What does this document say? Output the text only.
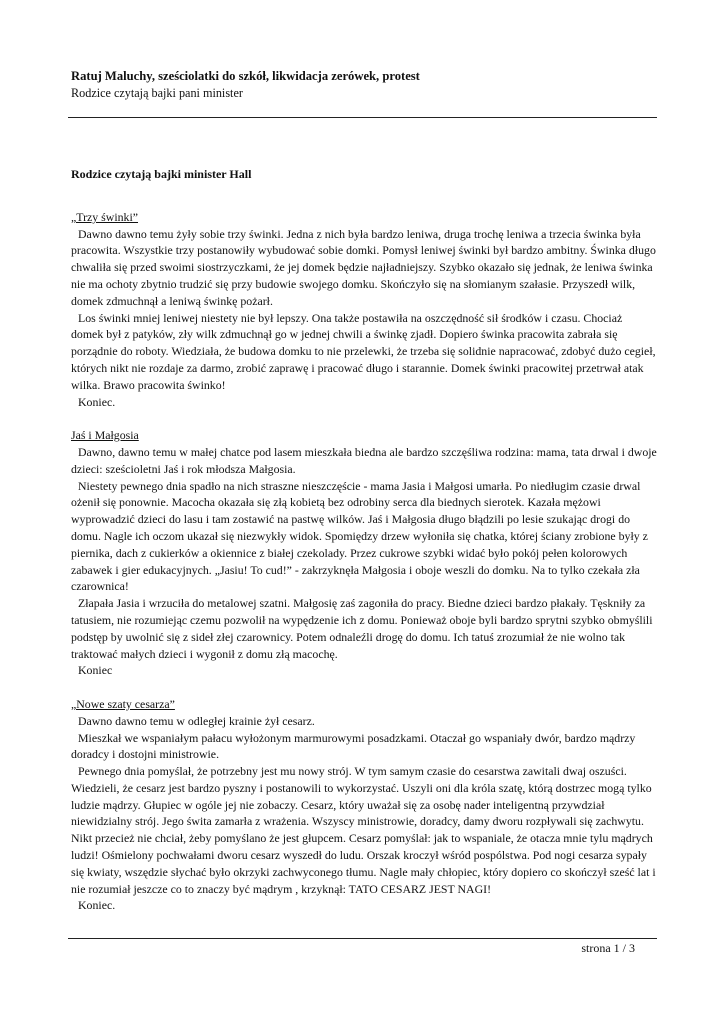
Ratuj Maluchy, sześciolatki do szkół, likwidacja zerówek, protest
Rodzice czytają bajki pani minister
Rodzice czytają bajki minister Hall
„Trzy świnki”
Dawno dawno temu żyły sobie trzy świnki. Jedna z nich była bardzo leniwa, druga trochę leniwa a trzecia świnka była pracowita. Wszystkie trzy postanowiły wybudować sobie domki. Pomysł leniwej świnki był bardzo ambitny. Świnka długo chwaliła się przed swoimi siostrzyczkami, że jej domek będzie najładniejszy. Szybko okazało się jednak, że leniwa świnka nie ma ochoty zbytnio trudzić się przy budowie swojego domku. Skończyło się na słomianym szałasie. Przyszedł wilk, domek zdmuchnął a leniwą świnkę pożarł.
Los świnki mniej leniwej niestety nie był lepszy. Ona także postawiła na oszczędność sił środków i czasu. Chociaż domek był z patyków, zły wilk zdmuchnął go w jednej chwili a świnkę zjadł. Dopiero świnka pracowita zabrała się porządnie do roboty. Wiedziała, że budowa domku to nie przelewki, że trzeba się solidnie napracować, zdobyć dużo cegieł, których nikt nie rozdaje za darmo, zrobić zaprawę i pracować długo i starannie. Domek świnki pracowitej przetrwał atak wilka. Brawo pracowita świnko!
Koniec.
Jaś i Małgosia
Dawno, dawno temu w małej chatce pod lasem mieszkała biedna ale bardzo szczęśliwa rodzina: mama, tata drwal i dwoje dzieci: sześcioletni Jaś i rok młodsza Małgosia.
Niestety pewnego dnia spadło na nich straszne nieszczęście - mama Jasia i Małgosi umarła. Po niedługim czasie drwal ożenił się ponownie. Macocha okazała się złą kobietą bez odrobiny serca dla biednych sierotek. Kazała mężowi wyprowadzić dzieci do lasu i tam zostawić na pastwę wilków. Jaś i Małgosia długo błądzili po lesie szukając drogi do domu. Nagle ich oczom ukazał się niezwykły widok. Spomiędzy drzew wyłoniła się chatka, której ściany zrobione były z piernika, dach z cukierków a okiennice z białej czekolady. Przez cukrowe szybki widać było pokój pełen kolorowych zabawek i gier edukacyjnych. „Jasiu! To cud!” - zakrzyknęła Małgosia i oboje weszli do domku. Na to tylko czekała zła czarownica!
Złapała Jasia i wrzuciła do metalowej szatni. Małgosię zaś zagoniła do pracy. Biedne dzieci bardzo płakały. Tęskniły za tatusiem, nie rozumiejąc czemu pozwolił na wypędzenie ich z domu. Ponieważ oboje byli bardzo sprytni szybko obmyślili podstęp by uwolnić się z sideł złej czarownicy. Potem odnaleźli drogę do domu. Ich tatuś zrozumiał że nie wolno tak traktować małych dzieci i wygonił z domu złą macochę.
Koniec
„Nowe szaty cesarza”
Dawno dawno temu w odległej krainie żył cesarz.
Mieszkał we wspaniałym pałacu wyłożonym marmurowymi posadzkami. Otaczał go wspaniały dwór, bardzo mądrzy doradcy i dostojni ministrowie.
Pewnego dnia pomyślał, że potrzebny jest mu nowy strój. W tym samym czasie do cesarstwa zawitali dwaj oszuści. Wiedzieli, że cesarz jest bardzo pyszny i postanowili to wykorzystać. Uszyli oni dla króla szatę, którą dostrzec mogą tylko ludzie mądrzy. Głupiec w ogóle jej nie zobaczy. Cesarz, który uważał się za osobę nader inteligentną przywdział niewidzialny strój. Jego świta zamarła z wrażenia. Wszyscy ministrowie, doradcy, damy dworu rozpływali się zachwytu. Nikt przecież nie chciał, żeby pomyślano że jest głupcem. Cesarz pomyślał: jak to wspaniale, że otacza mnie tylu mądrych ludzi! Ośmielony pochwałami dworu cesarz wyszedł do ludu. Orszak kroczył wśród pospólstwa. Pod nogi cesarza sypały się kwiaty, wszędzie słychać było okrzyki zachwyconego tłumu. Nagle mały chłopiec, który dopiero co skończył sześć lat i nie rozumiał jeszcze co to znaczy być mądrym , krzyknął: TATO CESARZ JEST NAGI!
Koniec.
strona 1 / 3
